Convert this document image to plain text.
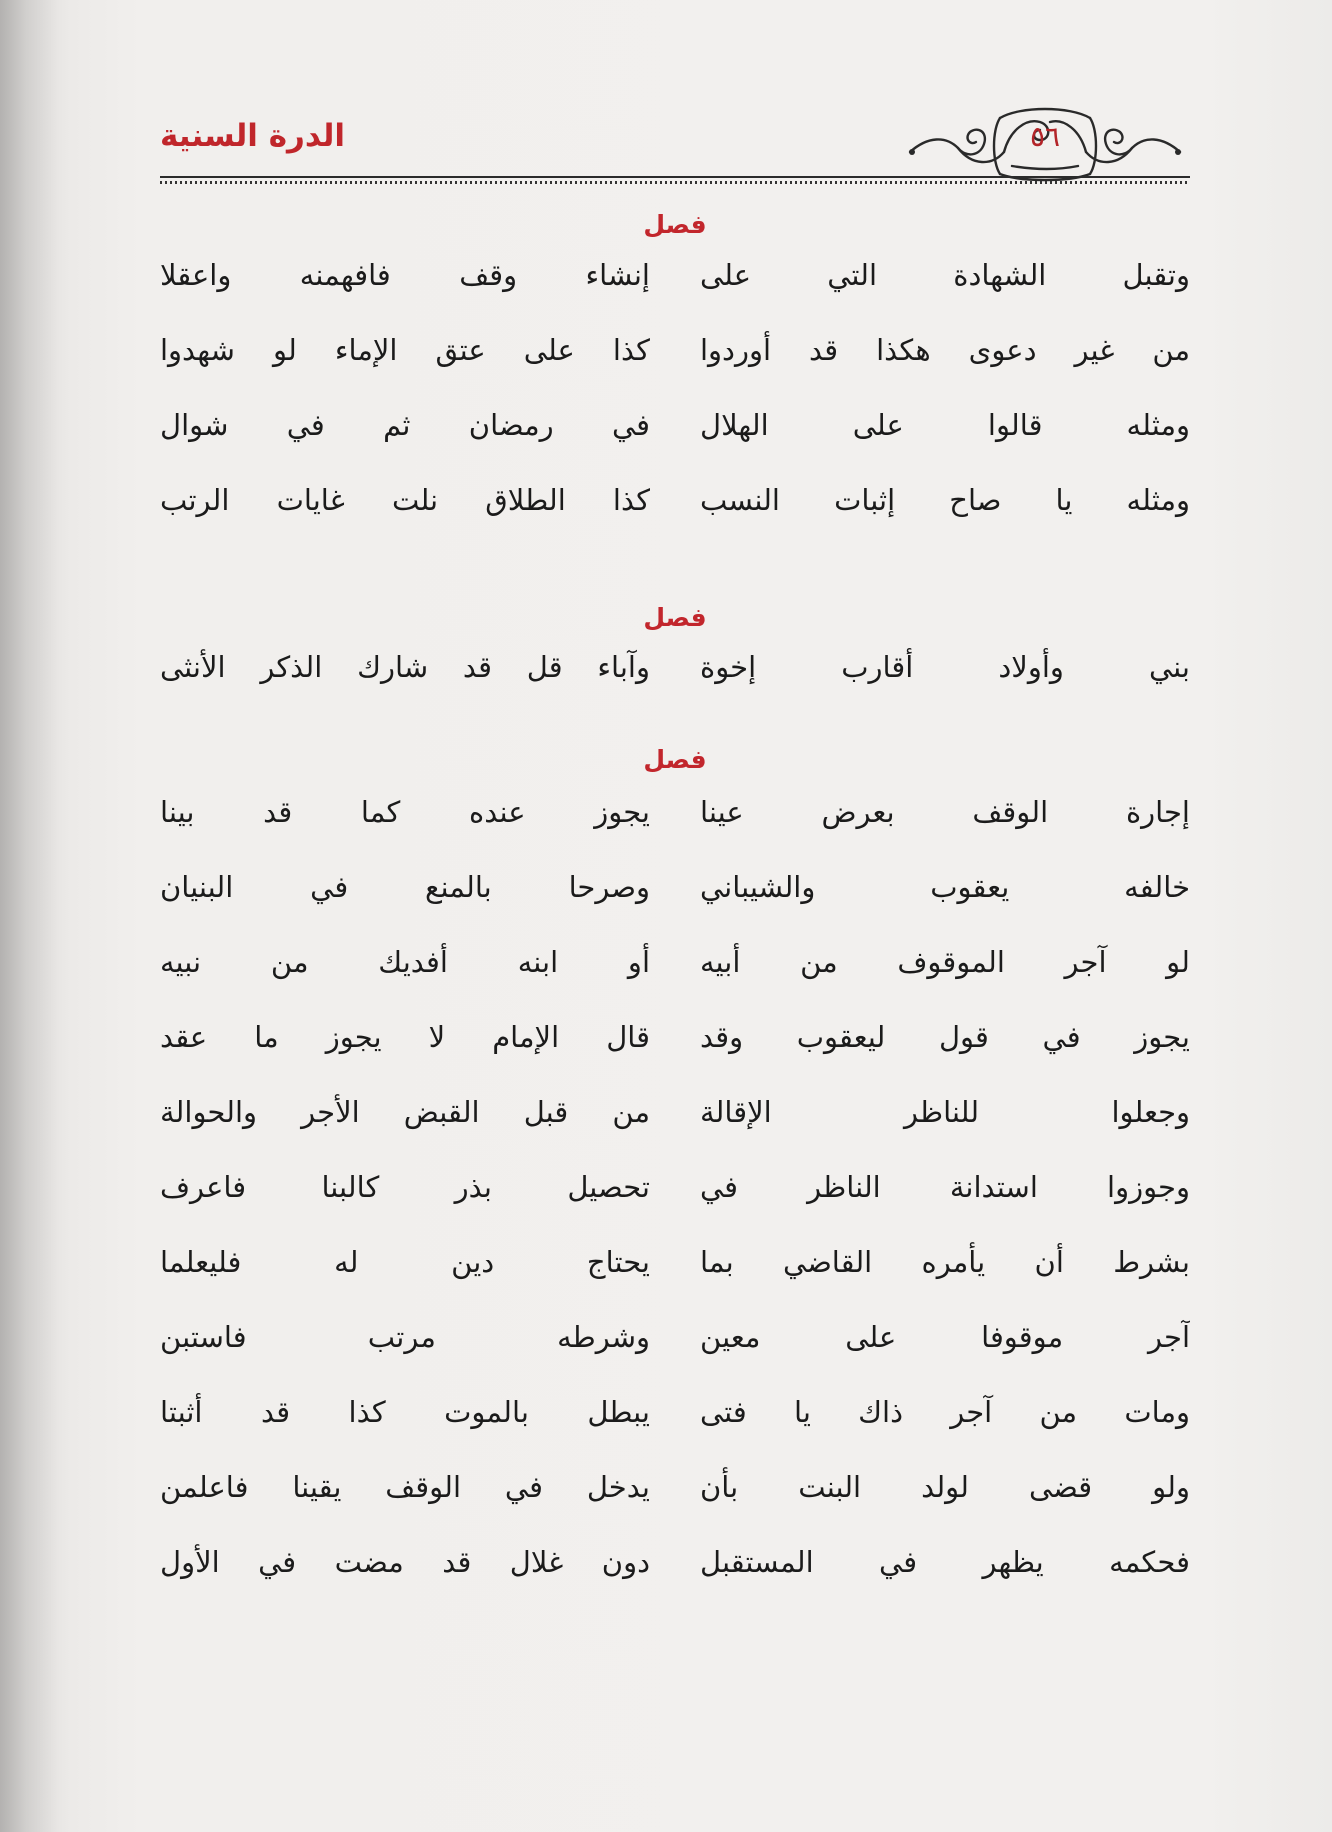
الدرة السنية	٥٦
فصل
وتقبل الشهادة التي على
إنشاء وقف فافهمنه واعقلا
من غير دعوى هكذا قد أوردوا
كذا على عتق الإماء لو شهدوا
ومثله قالوا على الهلال
في رمضان ثم في شوال
ومثله يا صاح إثبات النسب
كذا الطلاق نلت غايات الرتب
فصل
بني وأولاد أقارب إخوة
وآباء قل قد شارك الذكر الأنثى
فصل
إجارة الوقف بعرض عينا
يجوز عنده كما قد بينا
خالفه يعقوب والشيباني
وصرحا بالمنع في البنيان
لو آجر الموقوف من أبيه
أو ابنه أفديك من نبيه
يجوز في قول ليعقوب وقد
قال الإمام لا يجوز ما عقد
وجعلوا للناظر الإقالة
من قبل القبض الأجر والحوالة
وجوزوا استدانة الناظر في
تحصيل بذر كالبنا فاعرف
بشرط أن يأمره القاضي بما
يحتاج دين له فليعلما
آجر موقوفا على معين
وشرطه مرتب فاستبن
ومات من آجر ذاك يا فتى
يبطل بالموت كذا قد أثبتا
ولو قضى لولد البنت بأن
يدخل في الوقف يقينا فاعلمن
فحكمه يظهر في المستقبل
دون غلال قد مضت في الأول
